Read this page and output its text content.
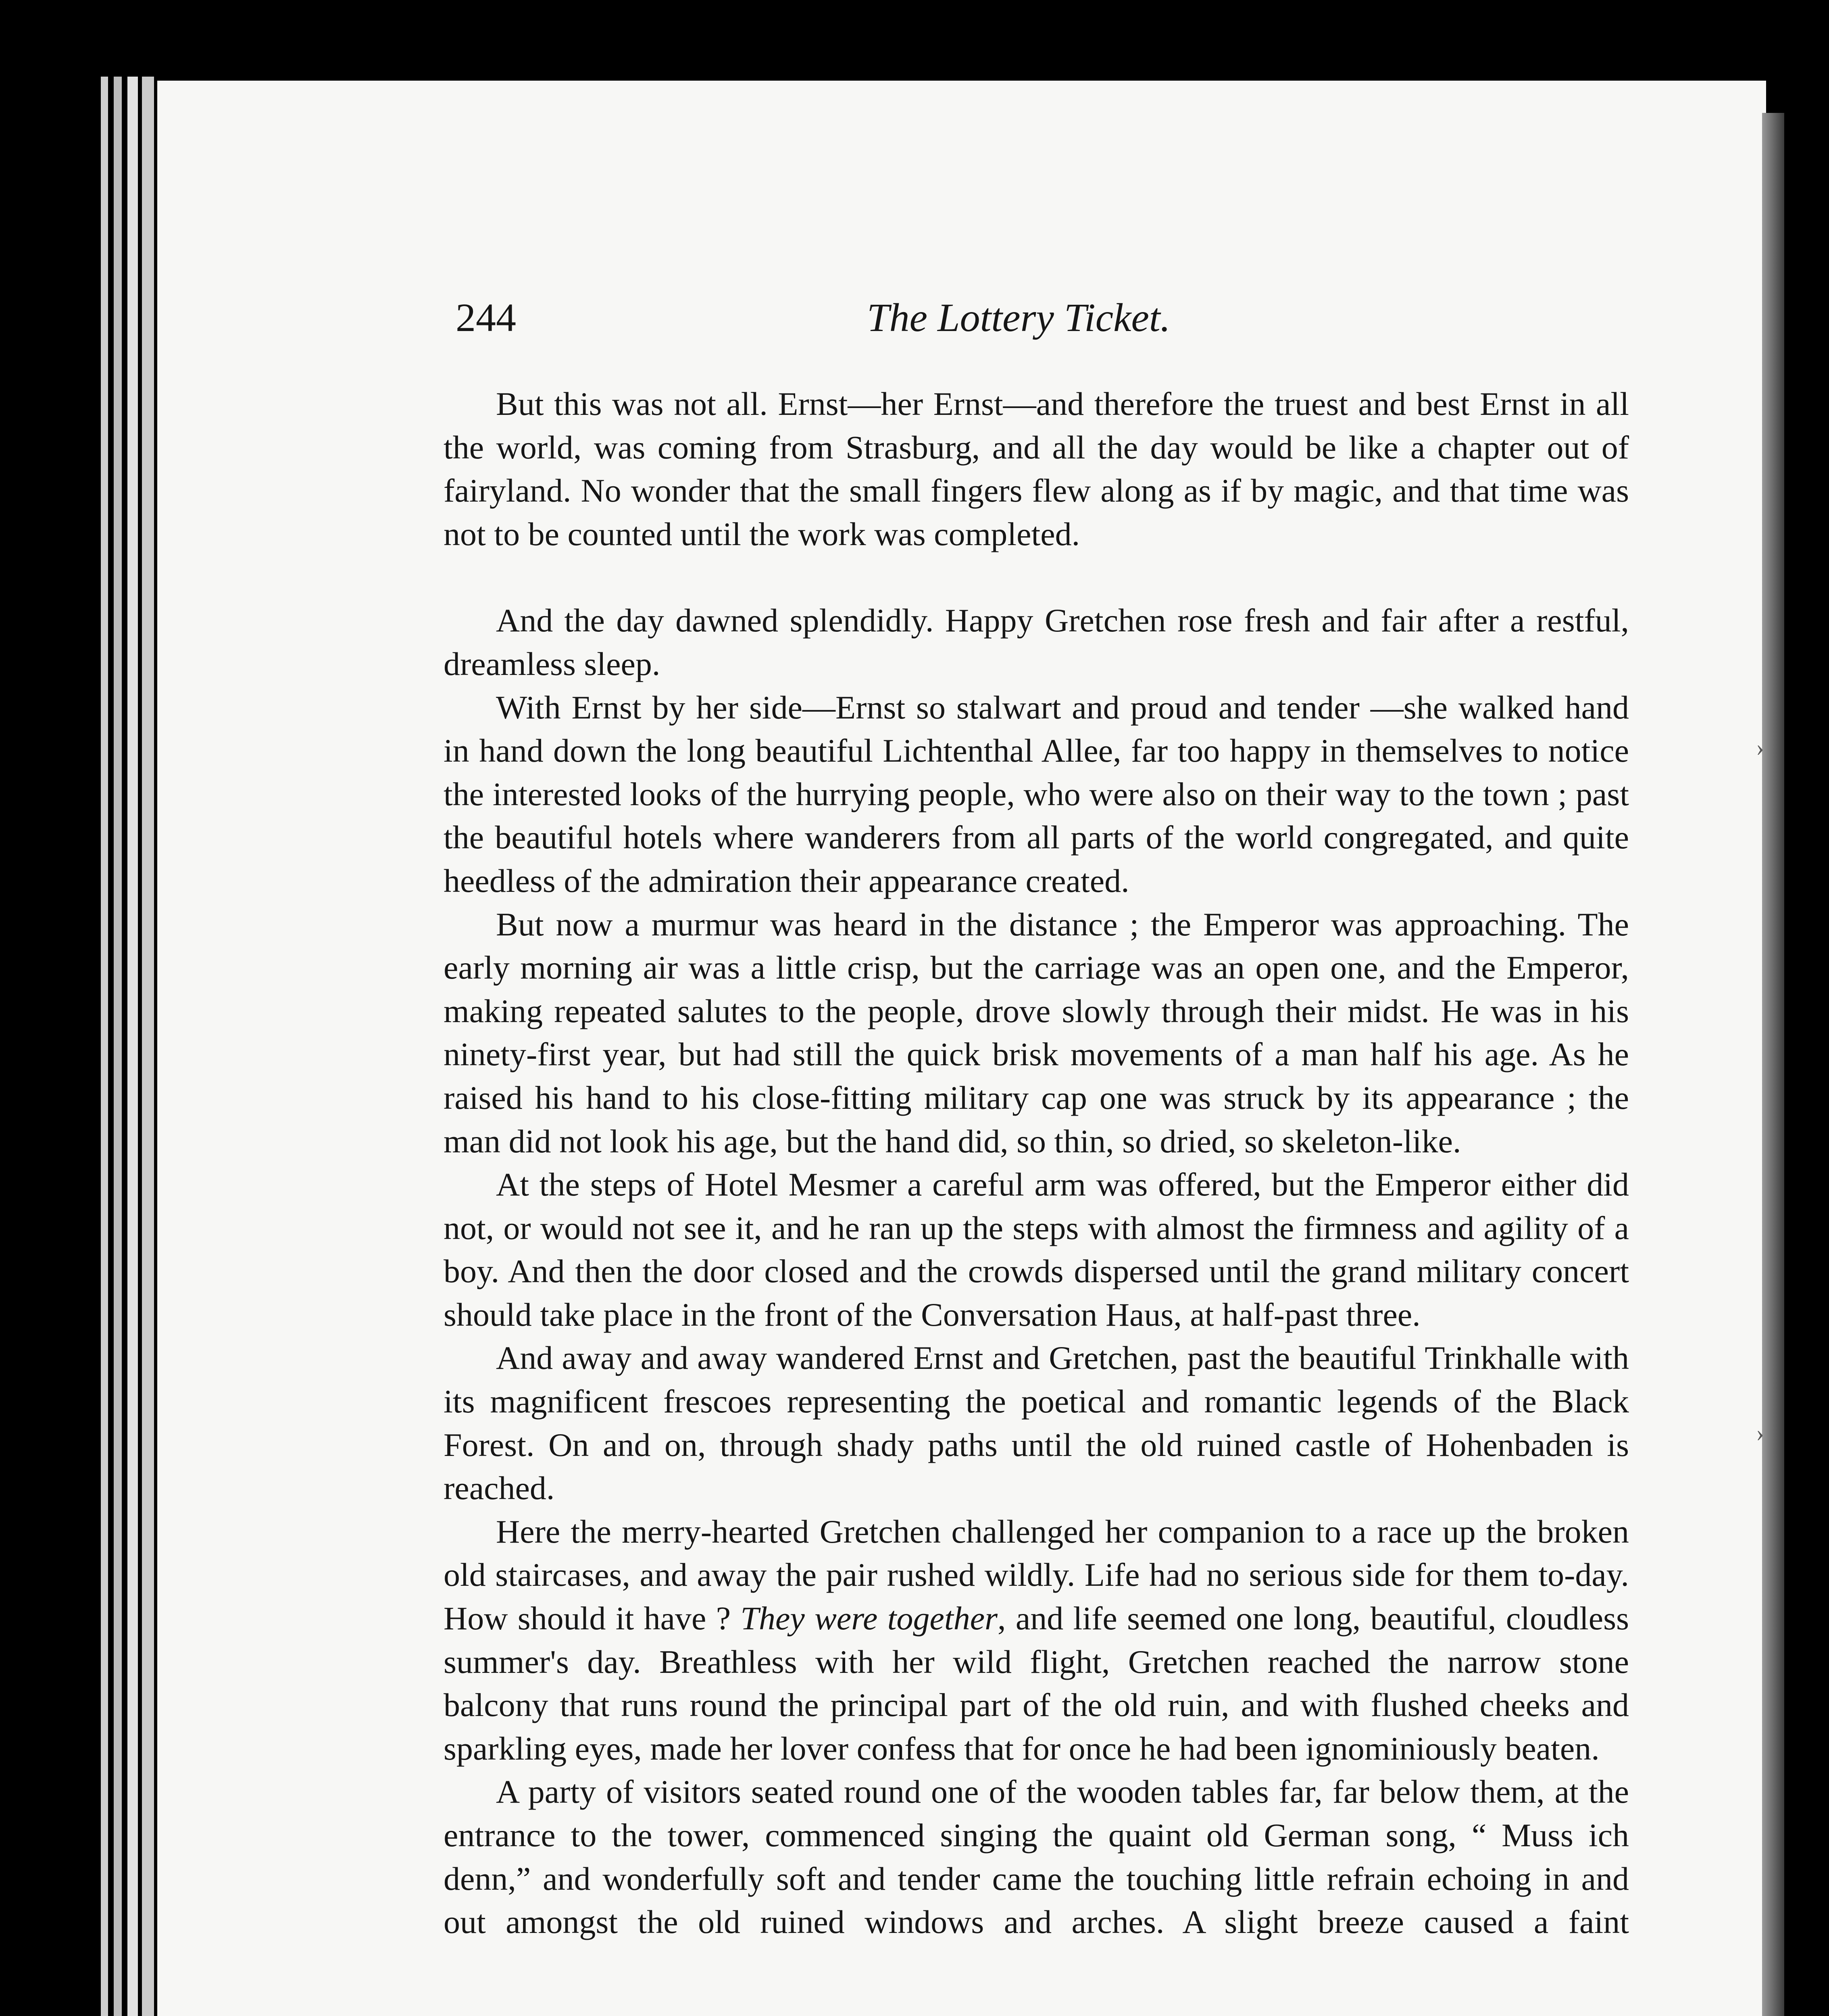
244	The Lottery Ticket.

But this was not all. Ernst—her Ernst—and therefore the truest and best Ernst in all the world, was coming from Strasburg, and all the day would be like a chapter out of fairyland. No wonder that the small fingers flew along as if by magic, and that time was not to be counted until the work was completed.

And the day dawned splendidly. Happy Gretchen rose fresh and fair after a restful, dreamless sleep.

With Ernst by her side—Ernst so stalwart and proud and tender —she walked hand in hand down the long beautiful Lichtenthal Allee, far too happy in themselves to notice the interested looks of the hurrying people, who were also on their way to the town ; past the beautiful hotels where wanderers from all parts of the world congregated, and quite heedless of the admiration their appearance created.

But now a murmur was heard in the distance ; the Emperor was approaching. The early morning air was a little crisp, but the carriage was an open one, and the Emperor, making repeated salutes to the people, drove slowly through their midst. He was in his ninety-first year, but had still the quick brisk movements of a man half his age. As he raised his hand to his close-fitting military cap one was struck by its appearance ; the man did not look his age, but the hand did, so thin, so dried, so skeleton-like.

At the steps of Hotel Mesmer a careful arm was offered, but the Emperor either did not, or would not see it, and he ran up the steps with almost the firmness and agility of a boy. And then the door closed and the crowds dispersed until the grand military concert should take place in the front of the Conversation Haus, at half-past three.

And away and away wandered Ernst and Gretchen, past the beautiful Trinkhalle with its magnificent frescoes representing the poetical and romantic legends of the Black Forest. On and on, through shady paths until the old ruined castle of Hohenbaden is reached.

Here the merry-hearted Gretchen challenged her companion to a race up the broken old staircases, and away the pair rushed wildly. Life had no serious side for them to-day. How should it have ? They were together, and life seemed one long, beautiful, cloudless summer's day. Breathless with her wild flight, Gretchen reached the narrow stone balcony that runs round the principal part of the old ruin, and with flushed cheeks and sparkling eyes, made her lover confess that for once he had been ignominiously beaten.

A party of visitors seated round one of the wooden tables far, far below them, at the entrance to the tower, commenced singing the quaint old German song, “ Muss ich denn,” and wonderfully soft and tender came the touching little refrain echoing in and out amongst the old ruined windows and arches. A slight breeze caused a faint

›
›
